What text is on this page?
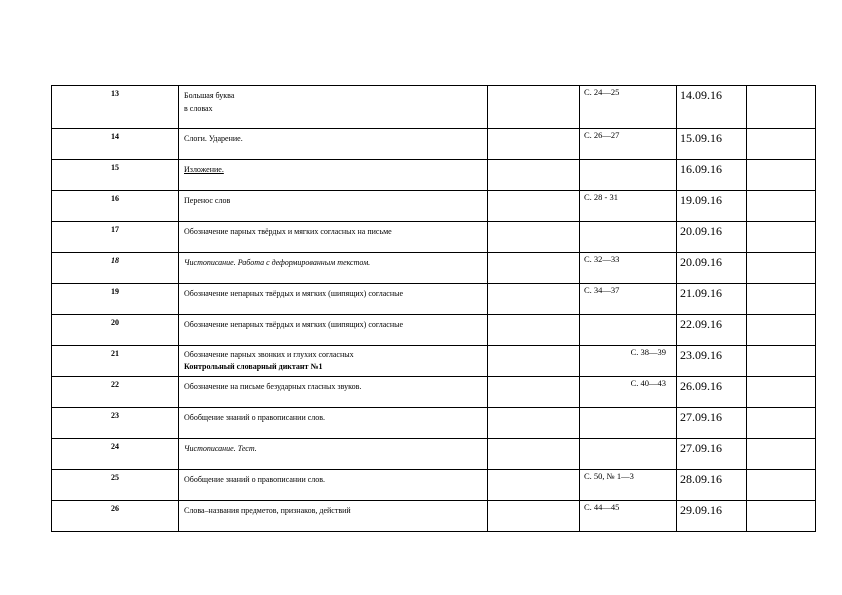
13	Большая буква
в словах		С. 24—25	14.09.16	
14	Слоги. Ударение.		С. 26—27	15.09.16	
15	Изложение.			16.09.16	
16	Перенос слов		С. 28 - 31	19.09.16	
17	Обозначение парных твёрдых и мягких согласных на письме			20.09.16	
18	Чистописание. Работа с деформированным текстом.		С. 32—33	20.09.16	
19	Обозначение непарных твёрдых и мягких (шипящих) согласные		С. 34—37	21.09.16	
20	Обозначение непарных твёрдых и мягких (шипящих) согласные			22.09.16	
21	Обозначение парных звонких и глухих согласных
Контрольный словарный диктант №1		С. 38—39	23.09.16	
22	Обозначение на письме безударных гласных звуков.		С. 40—43	26.09.16	
23	Обобщение знаний о правописании слов.			27.09.16	
24	Чистописание. Тест.			27.09.16	
25	Обобщение знаний о правописании слов.		С. 50, № 1—3	28.09.16	
26	Слова–названия предметов, признаков, действий		С. 44—45	29.09.16	
